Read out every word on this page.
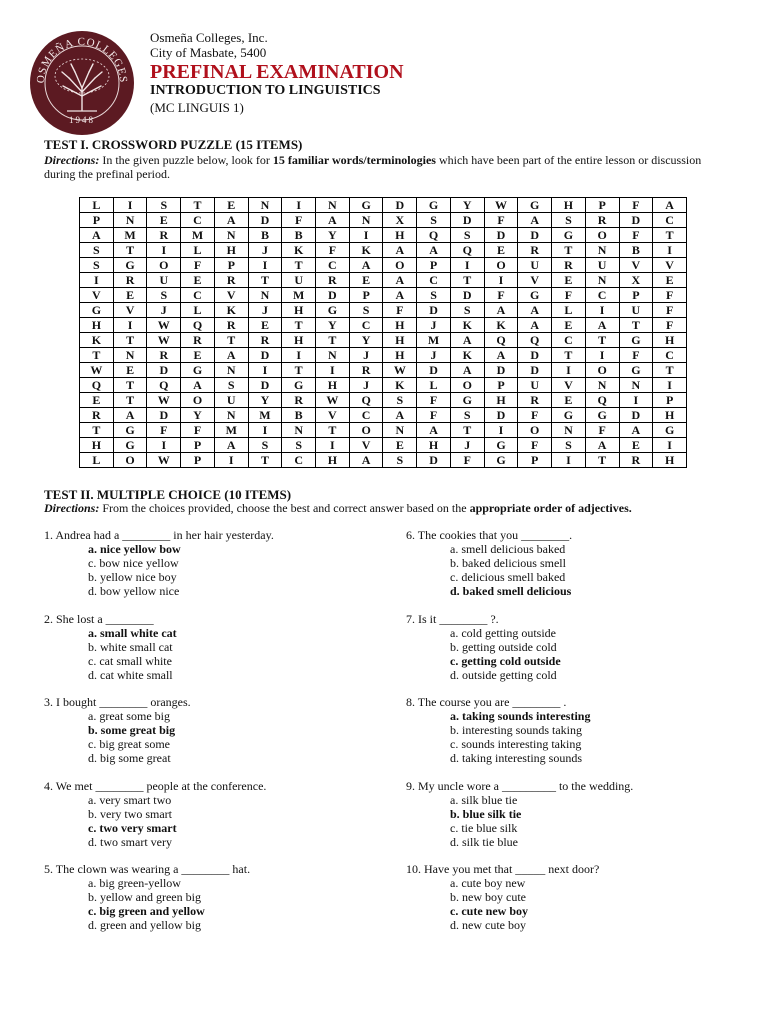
OSMEÑA COLLEGES
1948
Osmeña Colleges, Inc.
City of Masbate, 5400
PREFINAL EXAMINATION
INTRODUCTION TO LINGUISTICS
(MC LINGUIS 1)
TEST I. CROSSWORD PUZZLE (15 ITEMS)
Directions: In the given puzzle below, look for 15 familiar words/terminologies which have been part of the entire lesson or discussion during the prefinal period.
L	I	S	T	E	N	I	N	G	D	G	Y	W	G	H	P	F	A
P	N	E	C	A	D	F	A	N	X	S	D	F	A	S	R	D	C
A	M	R	M	N	B	B	Y	I	H	Q	S	D	D	G	O	F	T
S	T	I	L	H	J	K	F	K	A	A	Q	E	R	T	N	B	I
S	G	O	F	P	I	T	C	A	O	P	I	O	U	R	U	V	V
I	R	U	E	R	T	U	R	E	A	C	T	I	V	E	N	X	E
V	E	S	C	V	N	M	D	P	A	S	D	F	G	F	C	P	F
G	V	J	L	K	J	H	G	S	F	D	S	A	A	L	I	U	F
H	I	W	Q	R	E	T	Y	C	H	J	K	K	A	E	A	T	F
K	T	W	R	T	R	H	T	Y	H	M	A	Q	Q	C	T	G	H
T	N	R	E	A	D	I	N	J	H	J	K	A	D	T	I	F	C
W	E	D	G	N	I	T	I	R	W	D	A	D	D	I	O	G	T
Q	T	Q	A	S	D	G	H	J	K	L	O	P	U	V	N	N	I
E	T	W	O	U	Y	R	W	Q	S	F	G	H	R	E	Q	I	P
R	A	D	Y	N	M	B	V	C	A	F	S	D	F	G	G	D	H
T	G	F	F	M	I	N	T	O	N	A	T	I	O	N	F	A	G
H	G	I	P	A	S	S	I	V	E	H	J	G	F	S	A	E	I
L	O	W	P	I	T	C	H	A	S	D	F	G	P	I	T	R	H
TEST II. MULTIPLE CHOICE (10 ITEMS)
Directions: From the choices provided, choose the best and correct answer based on the appropriate order of adjectives.
1. Andrea had a ________ in her hair yesterday.
a. nice yellow bow
c. bow nice yellow
b. yellow nice boy
d. bow yellow nice
2. She lost a ________
a. small white cat
b. white small cat
c. cat small white
d. cat white small
3. I bought ________ oranges.
a. great some big
b. some great big
c. big great some
d. big some great
4. We met ________ people at the conference.
a. very smart two
b. very two smart
c. two very smart
d. two smart very
5. The clown was wearing a ________ hat.
a. big green-yellow
b. yellow and green big
c. big green and yellow
d. green and yellow big
6. The cookies that you ________.
a. smell delicious baked
b. baked delicious smell
c. delicious smell baked
d. baked smell delicious
7. Is it ________ ?.
a. cold getting outside
b. getting outside cold
c. getting cold outside
d. outside getting cold
8. The course you are ________ .
a. taking sounds interesting
b. interesting sounds taking
c. sounds interesting taking
d. taking interesting sounds
9. My uncle wore a _________ to the wedding.
a. silk blue tie
b. blue silk tie
c. tie blue silk
d. silk tie blue
10. Have you met that _____ next door?
a. cute boy new
b. new boy cute
c. cute new boy
d. new cute boy
